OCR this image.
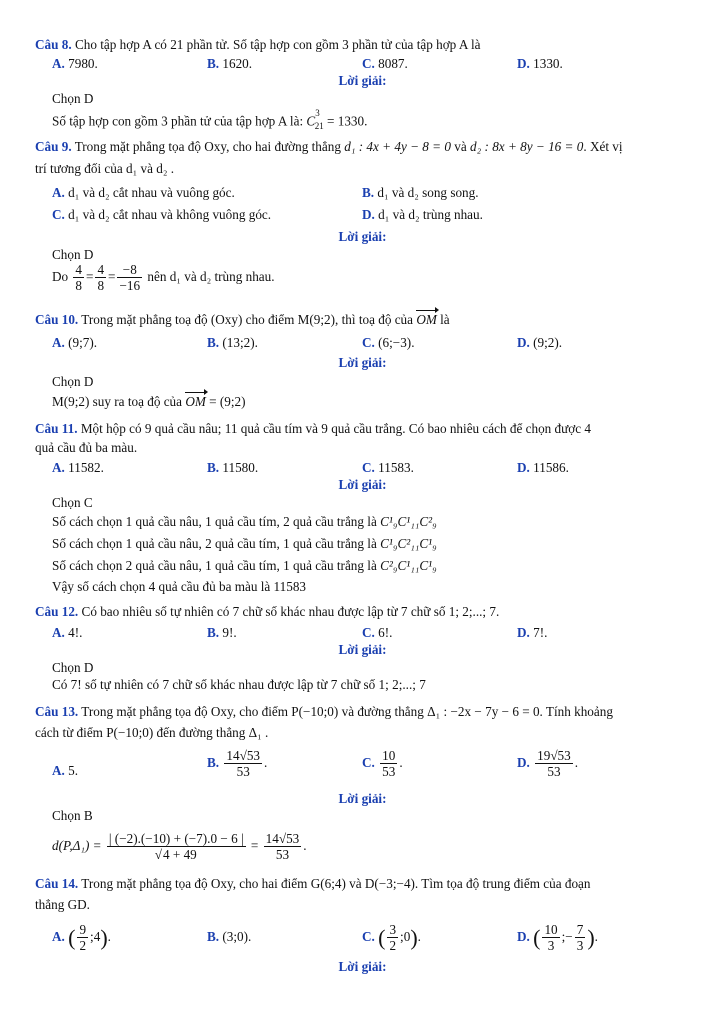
Câu 8. Cho tập hợp A có 21 phần tử. Số tập hợp con gồm 3 phần tử của tập hợp A là
A. 7980.	B. 1620.	C. 8087.	D. 1330.
Lời giải:
Chọn D
Số tập hợp con gồm 3 phần tử của tập hợp A là: $C^3_{21} = 1330$.
Câu 9. Trong mặt phẳng tọa độ Oxy, cho hai đường thẳng d₁ : 4x + 4y − 8 = 0 và d₂ : 8x + 8y − 16 = 0. Xét vị
trí tương đối của d₁ và d₂ .
A. d₁ và d₂ cắt nhau và vuông góc.	B. d₁ và d₂ song song.
C. d₁ và d₂ cắt nhau và không vuông góc.	D. d₁ và d₂ trùng nhau.
Lời giải:
Chọn D
Do $\frac{4}{8} = \frac{4}{8} = \frac{-8}{-16}$ nên d₁ và d₂ trùng nhau.
Câu 10. Trong mặt phẳng toạ độ (Oxy) cho điểm M(9;2), thì toạ độ của OM là
A. (9;7).	B. (13;2).	C. (6;−3).	D. (9;2).
Lời giải:
Chọn D
M(9;2) suy ra toạ độ của OM = (9;2)
Câu 11. Một hộp có 9 quả cầu nâu; 11 quả cầu tím và 9 quả cầu trắng. Có bao nhiêu cách để chọn được 4
quả cầu đủ ba màu.
A. 11582.	B. 11580.	C. 11583.	D. 11586.
Lời giải:
Chọn C
Số cách chọn 1 quả cầu nâu, 1 quả cầu tím, 2 quả cầu trắng là C¹₉C¹₁₁C²₉
Số cách chọn 1 quả cầu nâu, 2 quả cầu tím, 1 quả cầu trắng là C¹₉C²₁₁C¹₉
Số cách chọn 2 quả cầu nâu, 1 quả cầu tím, 1 quả cầu trắng là C²₉C¹₁₁C¹₉
Vậy số cách chọn 4 quả cầu đủ ba màu là 11583
Câu 12. Có bao nhiêu số tự nhiên có 7 chữ số khác nhau được lập từ 7 chữ số 1; 2;...; 7.
A. 4!.	B. 9!.	C. 6!.	D. 7!.
Lời giải:
Chọn D
Có 7! số tự nhiên có 7 chữ số khác nhau được lập từ 7 chữ số 1; 2;...; 7
Câu 13. Trong mặt phẳng tọa độ Oxy, cho điểm P(−10;0) và đường thẳng Δ₁ : −2x − 7y − 6 = 0. Tính khoảng
cách từ điểm P(−10;0) đến đường thẳng Δ₁ .
A. 5.
B. $\frac{14√53}{53}$ .	C. $\frac{10}{53}$ .	D. $\frac{19√53}{53}$ .
Lời giải:
Chọn B
$d(P,\Delta_1) = \frac{| (-2).(-10) + (-7).0 - 6 |}{√4 + 49} = \frac{14√53}{53}$ .
Câu 14. Trong mặt phẳng tọa độ Oxy, cho hai điểm G(6;4) và D(−3;−4). Tìm tọa độ trung điểm của đoạn
thẳng GD.
A. ( $\frac{9}{2}$ ;4).	B. (3;0).	C. ( $\frac{3}{2}$ ;0).	D. ( $\frac{10}{3}$ ;− $\frac{7}{3}$ ).
Lời giải:
